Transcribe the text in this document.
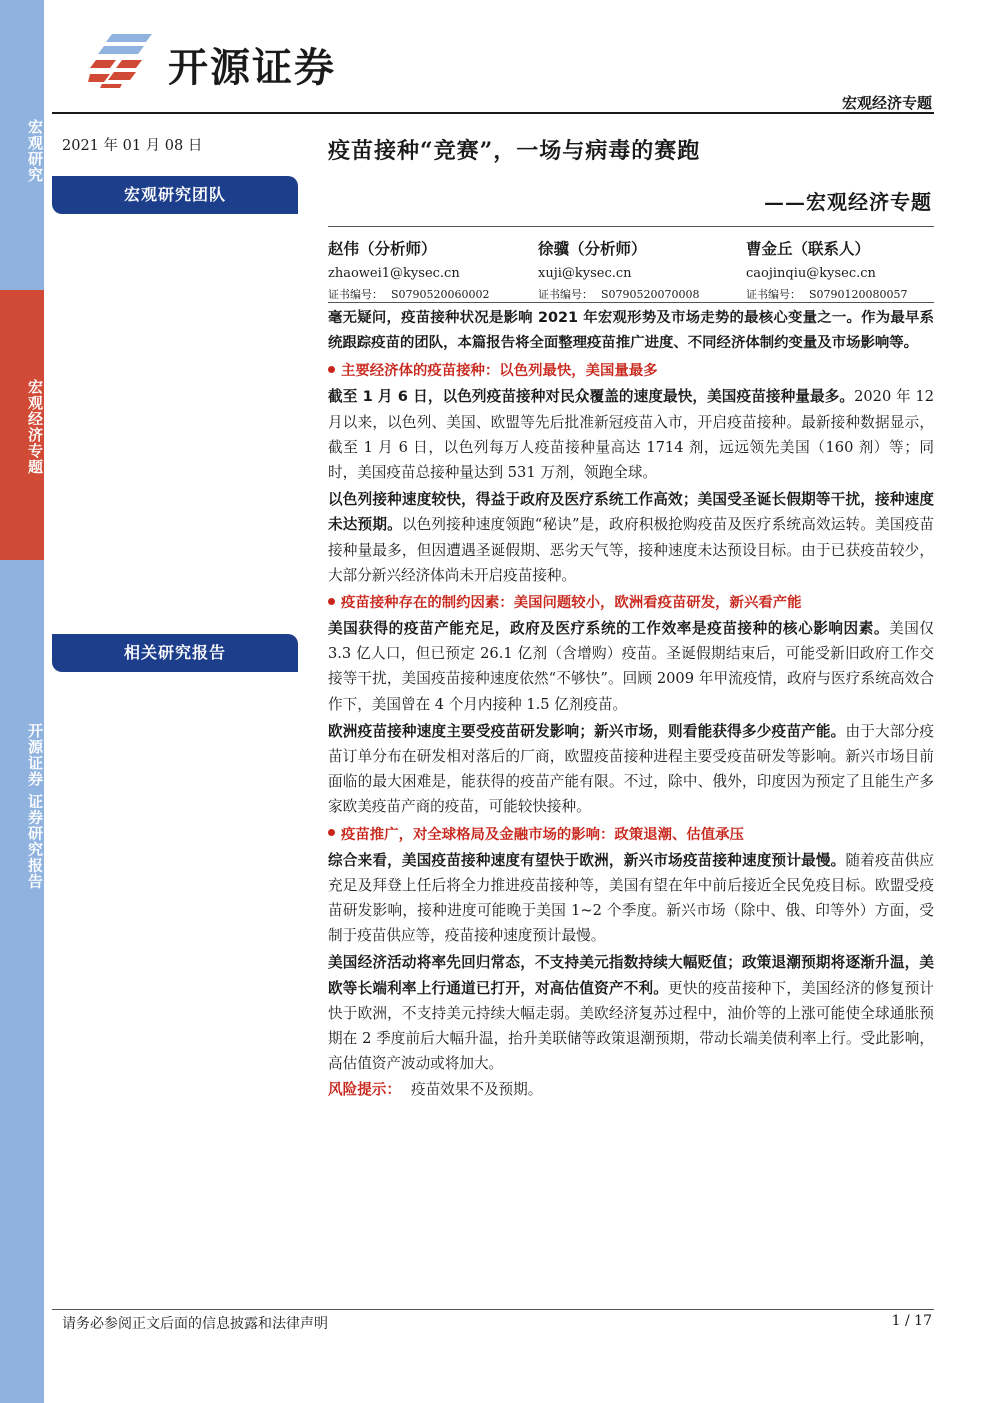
宏观研究
宏观经济专题
开源证券 证券研究报告
开源证券
宏观经济专题
2021 年 01 月 08 日
宏观研究团队
相关研究报告
疫苗接种“竞赛”，一场与病毒的赛跑
——宏观经济专题
赵伟（分析师）
zhaowei1@kysec.cn
证书编号： S0790520060002
徐骥（分析师）
xuji@kysec.cn
证书编号： S0790520070008
曹金丘（联系人）
caojinqiu@kysec.cn
证书编号： S0790120080057

毫无疑问，疫苗接种状况是影响 2021 年宏观形势及市场走势的最核心变量之一。作为最早系统跟踪疫苗的团队，本篇报告将全面整理疫苗推广进度、不同经济体制约变量及市场影响等。

主要经济体的疫苗接种：以色列最快，美国量最多

截至 1 月 6 日，以色列疫苗接种对民众覆盖的速度最快，美国疫苗接种量最多。2020 年 12 月以来，以色列、美国、欧盟等先后批准新冠疫苗入市，开启疫苗接种。最新接种数据显示，截至 1 月 6 日，以色列每万人疫苗接种量高达 1714 剂，远远领先美国（160 剂）等；同时，美国疫苗总接种量达到 531 万剂，领跑全球。

以色列接种速度较快，得益于政府及医疗系统工作高效；美国受圣诞长假期等干扰，接种速度未达预期。以色列接种速度领跑“秘诀”是，政府积极抢购疫苗及医疗系统高效运转。美国疫苗接种量最多，但因遭遇圣诞假期、恶劣天气等，接种速度未达预设目标。由于已获疫苗较少，大部分新兴经济体尚未开启疫苗接种。

疫苗接种存在的制约因素：美国问题较小，欧洲看疫苗研发，新兴看产能

美国获得的疫苗产能充足，政府及医疗系统的工作效率是疫苗接种的核心影响因素。美国仅 3.3 亿人口，但已预定 26.1 亿剂（含增购）疫苗。圣诞假期结束后，可能受新旧政府工作交接等干扰，美国疫苗接种速度依然“不够快”。回顾 2009 年甲流疫情，政府与医疗系统高效合作下，美国曾在 4 个月内接种 1.5 亿剂疫苗。

欧洲疫苗接种速度主要受疫苗研发影响；新兴市场，则看能获得多少疫苗产能。由于大部分疫苗订单分布在研发相对落后的厂商，欧盟疫苗接种进程主要受疫苗研发等影响。新兴市场目前面临的最大困难是，能获得的疫苗产能有限。不过，除中、俄外，印度因为预定了且能生产多家欧美疫苗产商的疫苗，可能较快接种。

疫苗推广，对全球格局及金融市场的影响：政策退潮、估值承压

综合来看，美国疫苗接种速度有望快于欧洲，新兴市场疫苗接种速度预计最慢。随着疫苗供应充足及拜登上任后将全力推进疫苗接种等，美国有望在年中前后接近全民免疫目标。欧盟受疫苗研发影响，接种进度可能晚于美国 1~2 个季度。新兴市场（除中、俄、印等外）方面，受制于疫苗供应等，疫苗接种速度预计最慢。

美国经济活动将率先回归常态，不支持美元指数持续大幅贬值；政策退潮预期将逐渐升温，美欧等长端利率上行通道已打开，对高估值资产不利。更快的疫苗接种下，美国经济的修复预计快于欧洲，不支持美元持续大幅走弱。美欧经济复苏过程中，油价等的上涨可能使全球通胀预期在 2 季度前后大幅升温，抬升美联储等政策退潮预期，带动长端美债利率上行。受此影响，高估值资产波动或将加大。

风险提示： 疫苗效果不及预期。
请务必参阅正文后面的信息披露和法律声明	1 / 17
